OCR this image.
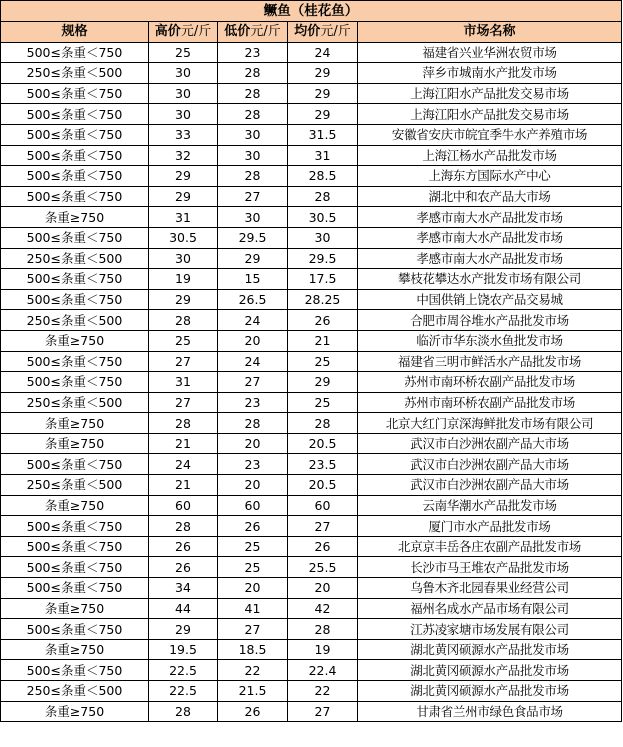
鳜鱼（桂花鱼）				
规格	高价元/斤	低价元/斤	均价元/斤	市场名称
500≤条重＜750	25	23	24	福建省兴业华洲农贸市场
250≤条重＜500	30	28	29	萍乡市城南水产批发市场
500≤条重＜750	30	28	29	上海江阳水产品批发交易市场
500≤条重＜750	30	28	29	上海江阳水产品批发交易市场
500≤条重＜750	33	30	31.5	安徽省安庆市皖宜季牛水产养殖市场
500≤条重＜750	32	30	31	上海江杨水产品批发市场
500≤条重＜750	29	28	28.5	上海东方国际水产中心
500≤条重＜750	29	27	28	湖北中和农产品大市场
条重≥750	31	30	30.5	孝感市南大水产品批发市场
500≤条重＜750	30.5	29.5	30	孝感市南大水产品批发市场
250≤条重＜500	30	29	29.5	孝感市南大水产品批发市场
500≤条重＜750	19	15	17.5	攀枝花攀达水产批发市场有限公司
500≤条重＜750	29	26.5	28.25	中国供销上饶农产品交易城
250≤条重＜500	28	24	26	合肥市周谷堆水产品批发市场
条重≥750	25	20	21	临沂市华东淡水鱼批发市场
500≤条重＜750	27	24	25	福建省三明市鲜活水产品批发市场
500≤条重＜750	31	27	29	苏州市南环桥农副产品批发市场
250≤条重＜500	27	23	25	苏州市南环桥农副产品批发市场
条重≥750	28	28	28	北京大红门京深海鲜批发市场有限公司
条重≥750	21	20	20.5	武汉市白沙洲农副产品大市场
500≤条重＜750	24	23	23.5	武汉市白沙洲农副产品大市场
250≤条重＜500	21	20	20.5	武汉市白沙洲农副产品大市场
条重≥750	60	60	60	云南华潮水产品批发市场
500≤条重＜750	28	26	27	厦门市水产品批发市场
500≤条重＜750	26	25	26	北京京丰岳各庄农副产品批发市场
500≤条重＜750	26	25	25.5	长沙市马王堆农产品批发市场
500≤条重＜750	34	20	20	乌鲁木齐北园春果业经营公司
条重≥750	44	41	42	福州名成水产品市场有限公司
500≤条重＜750	29	27	28	江苏凌家塘市场发展有限公司
条重≥750	19.5	18.5	19	湖北黄冈硕源水产品批发市场
500≤条重＜750	22.5	22	22.4	湖北黄冈硕源水产品批发市场
250≤条重＜500	22.5	21.5	22	湖北黄冈硕源水产品批发市场
条重≥750	28	26	27	甘肃省兰州市绿色食品市场
